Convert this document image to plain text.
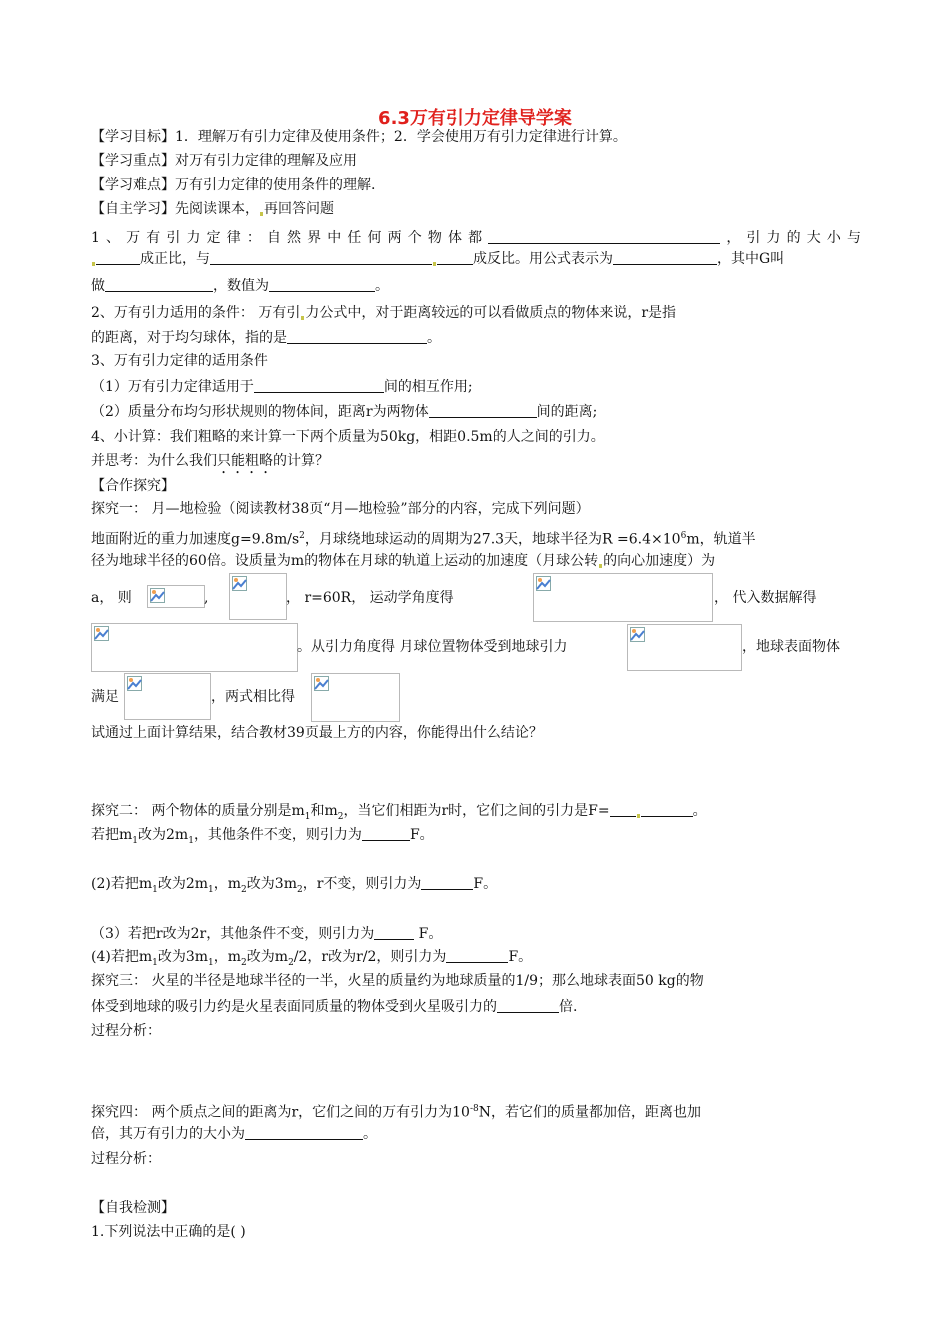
6.3万有引力定律导学案
【学习目标】1．理解万有引力定律及使用条件；2．学会使用万有引力定律进行计算。
【学习重点】对万有引力定律的理解及应用
【学习难点】万有引力定律的使用条件的理解.
【自主学习】先阅读课本， 再回答问题
1、万有引力定律：自然界中任何两个物体都	，引力的大小与
成正比，与	成反比。用公式表示为	，其中G叫
做	，数值为	。
2、万有引力适用的条件： 万有引 力公式中，对于距离较远的可以看做质点的物体来说，r是指
的距离，对于均匀球体，指的是	。
3、万有引力定律的适用条件
（1）万有引力定律适用于	间的相互作用;
（2）质量分布均匀形状规则的物体间，距离r为两物体	间的距离;
4、小计算：我们粗略的来计算一下两个质量为50kg，相距0.5m的人之间的引力。
并思考：为什么我们只能粗略的计算？
【合作探究】
探究一： 月—地检验（阅读教材38页“月—地检验”部分的内容，完成下列问题）
地面附近的重力加速度$g=9.8m/s^2$，月球绕地球运动的周期为27.3天，地球半径为$R =6.4\times 10^6m$，轨道半
径为地球半径的60倍。设质量为m的物体在月球的轨道上运动的加速度（月球公转 的向心加速度）为
a， 则	,	， r=60R， 运动学角度得	， 代入数据解得
。从引力角度得 月球位置物体受到地球引力	，地球表面物体
满足	，两式相比得
试通过上面计算结果，结合教材39页最上方的内容，你能得出什么结论？
探究二： 两个物体的质量分别是$m_1$和$m_2$，当它们相距为r时，它们之间的引力是F=	。
若把$m_1$改为$2m_1$，其他条件不变，则引力为	F。
(2)若把$m_1$改为$2m_1$，$m_2$改为$3m_2$，r不变，则引力为	F。
（3）若把r改为2r，其他条件不变，则引力为	F。
(4)若把$m_1$改为$3m_1$，$m_2$改为$m_2/2$，r改为r/2，则引力为	F。
探究三： 火星的半径是地球半径的一半，火星的质量约为地球质量的1/9；那么地球表面50 kg的物
体受到地球的吸引力约是火星表面同质量的物体受到火星吸引力的	倍.
过程分析：
探究四： 两个质点之间的距离为r，它们之间的万有引力为$10^{-8}N$，若它们的质量都加倍，距离也加
倍，其万有引力的大小为	。
过程分析：
【自我检测】
1.下列说法中正确的是( )
